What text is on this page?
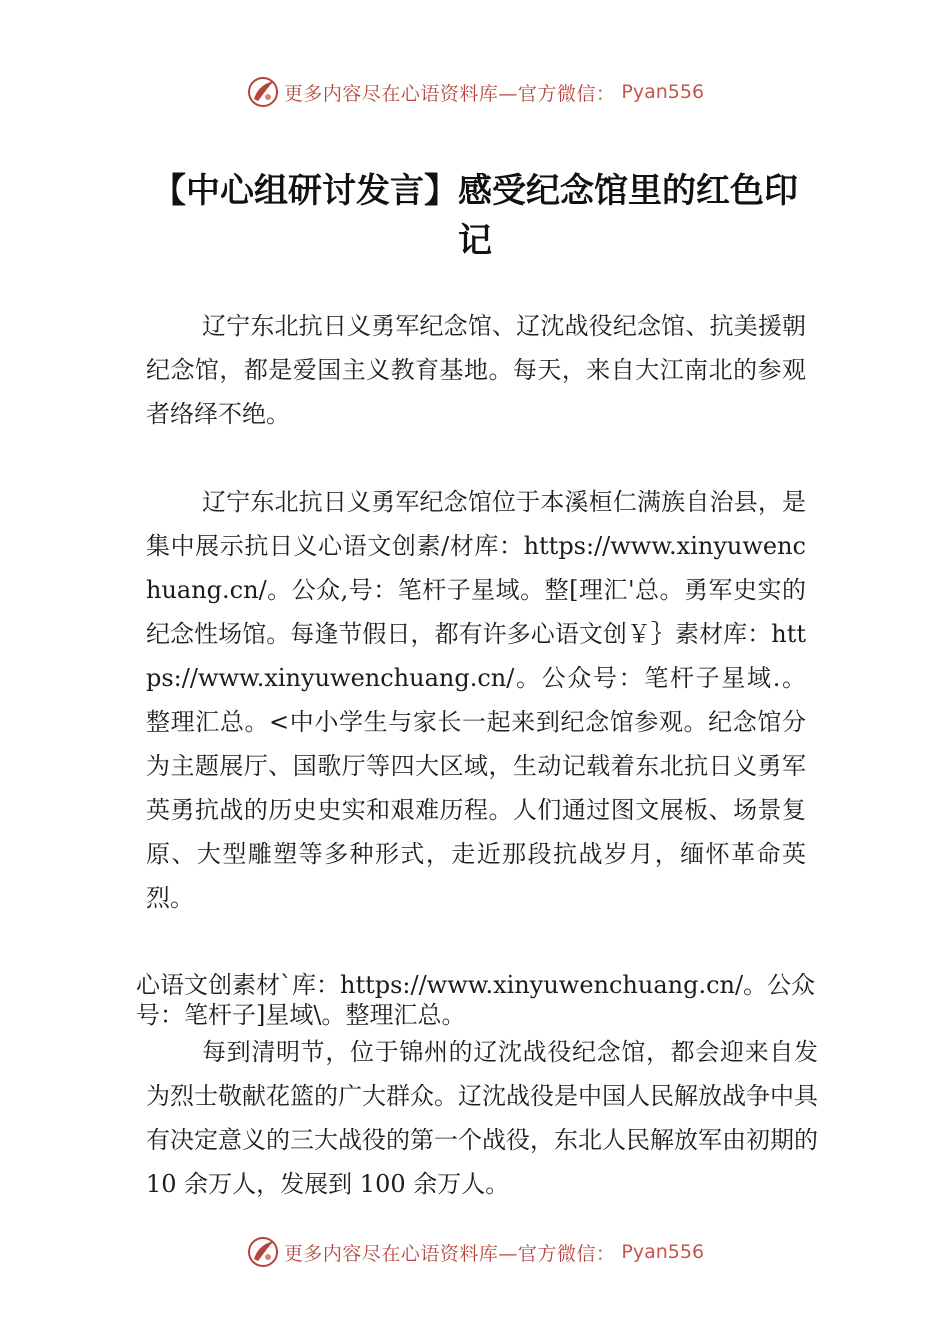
更多内容尽在心语资料库—官方微信： Pyan556
【中心组研讨发言】感受纪念馆里的红色印记

辽宁东北抗日义勇军纪念馆、辽沈战役纪念馆、抗美援朝纪念馆，都是爱国主义教育基地。每天，来自大江南北的参观者络绎不绝。

辽宁东北抗日义勇军纪念馆位于本溪桓仁满族自治县，是集中展示抗日义心语文创素/材库：https://www.xinyuwenchuang.cn/。公众,号：笔杆子星域。整[理汇'总。勇军史实的纪念性场馆。每逢节假日，都有许多心语文创￥｝素材库：https://www.xinyuwenchuang.cn/。公众号：笔杆子星域.。整理汇总。<中小学生与家长一起来到纪念馆参观。纪念馆分为主题展厅、国歌厅等四大区域，生动记载着东北抗日义勇军英勇抗战的历史史实和艰难历程。人们通过图文展板、场景复原、大型雕塑等多种形式，走近那段抗战岁月，缅怀革命英烈。

心语文创素材`库：https://www.xinyuwenchuang.cn/。公众号：笔杆子]星域\。整理汇总。

每到清明节，位于锦州的辽沈战役纪念馆，都会迎来自发为烈士敬献花篮的广大群众。辽沈战役是中国人民解放战争中具有决定意义的三大战役的第一个战役，东北人民解放军由初期的 10 余万人，发展到 100 余万人。

更多内容尽在心语资料库—官方微信： Pyan556
